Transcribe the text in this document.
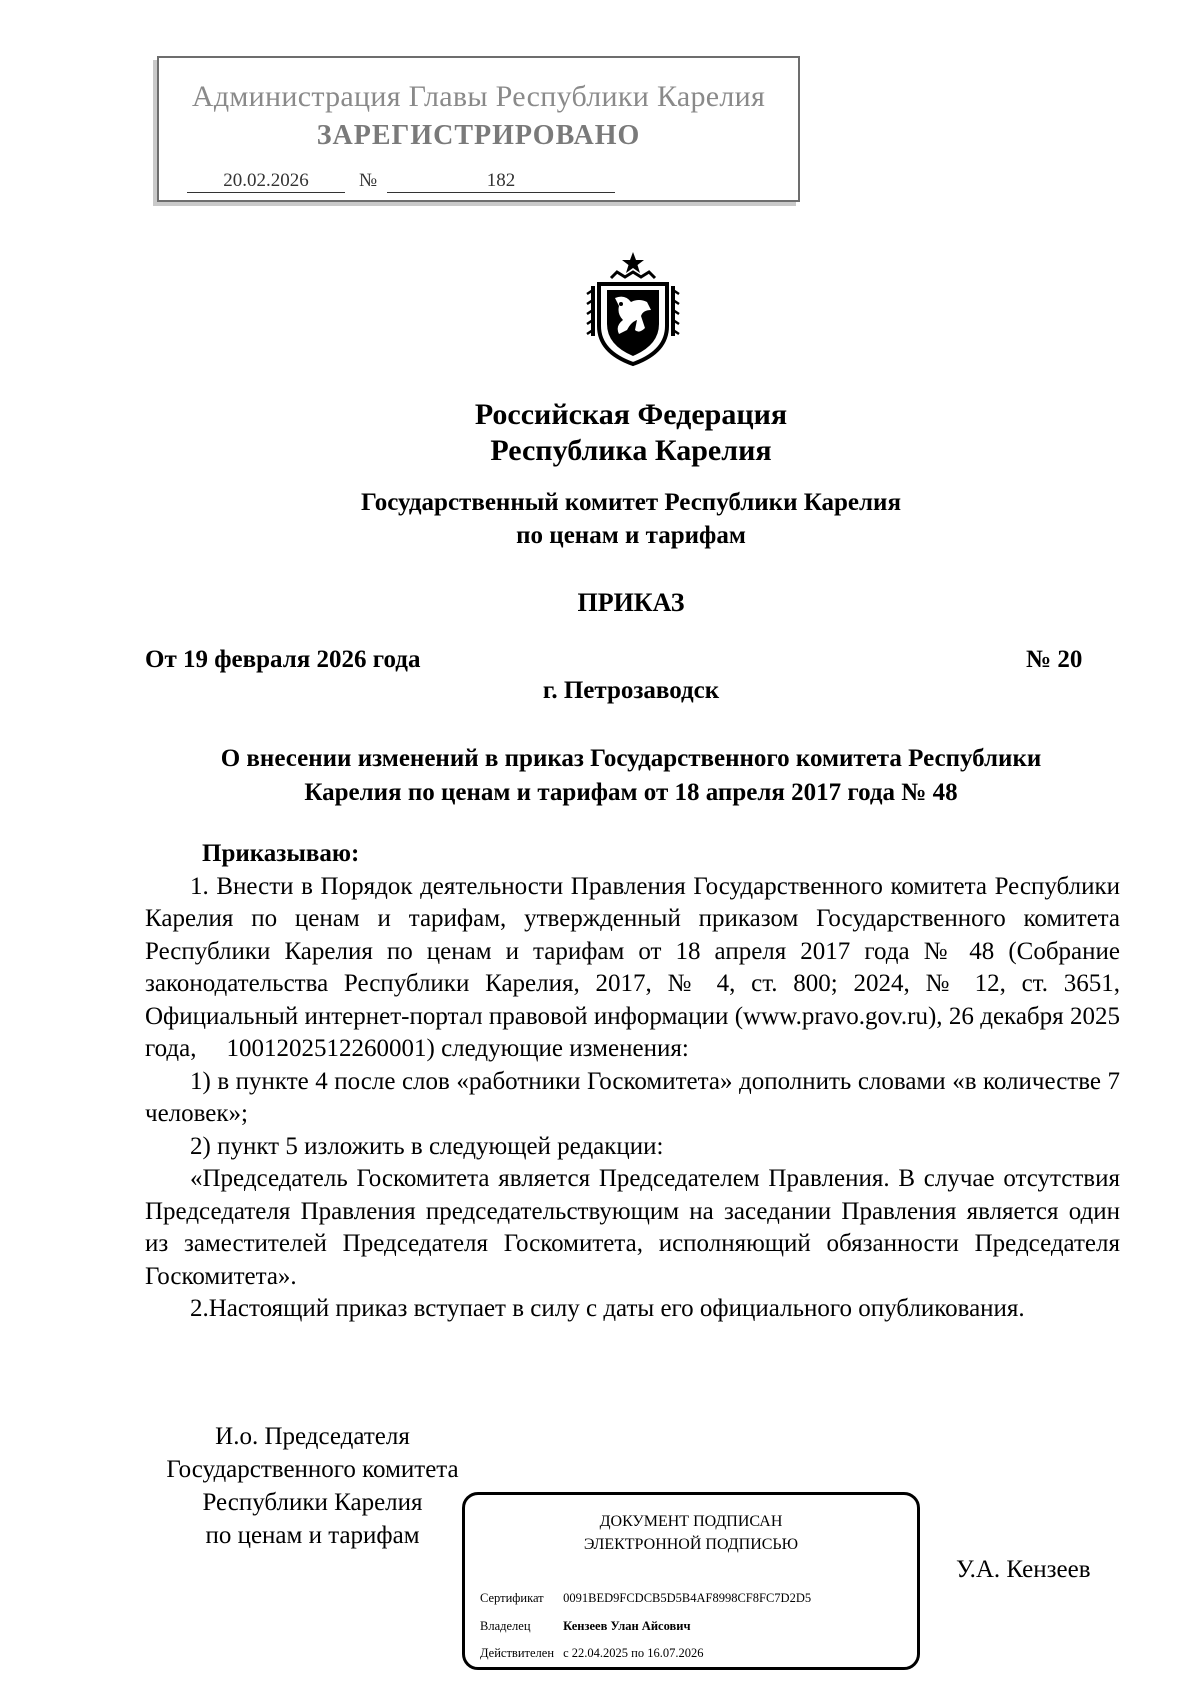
Администрация Главы Республики Карелия
ЗАРЕГИСТРИРОВАНО
20.02.2026	№	182
Российская Федерация
Республика Карелия
Государственный комитет Республики Карелия
по ценам и тарифам
ПРИКАЗ
От 19 февраля 2026 года	№ 20
г. Петрозаводск
О внесении изменений в приказ Государственного комитета Республики
Карелия по ценам и тарифам от 18 апреля 2017 года № 48

Приказываю:

1. Внести в Порядок деятельности Правления Государственного комитета Республики Карелия по ценам и тарифам, утвержденный приказом Государственного комитета Республики Карелия по ценам и тарифам от 18 апреля 2017 года № 48 (Собрание законодательства Республики Карелия, 2017, № 4, ст. 800; 2024, № 12, ст. 3651, Официальный интернет-портал правовой информации (www.pravo.gov.ru), 26 декабря 2025 года, 1001202512260001) следующие изменения:

1) в пункте 4 после слов «работники Госкомитета» дополнить словами «в количестве 7 человек»;

2) пункт 5 изложить в следующей редакции:

«Председатель Госкомитета является Председателем Правления. В случае отсутствия Председателя Правления председательствующим на заседании Правления является один из заместителей Председателя Госкомитета, исполняющий обязанности Председателя Госкомитета».

2.Настоящий приказ вступает в силу с даты его официального опубликования.

И.о. Председателя
Государственного комитета
Республики Карелия
по ценам и тарифам
ДОКУМЕНТ ПОДПИСАН
ЭЛЕКТРОННОЙ ПОДПИСЬЮ
Сертификат 0091BED9FCDCB5D5B4AF8998CF8FC7D2D5
Владелец	Кензеев Улан Айсович
Действителен с 22.04.2025 по 16.07.2026
У.А. Кензеев
